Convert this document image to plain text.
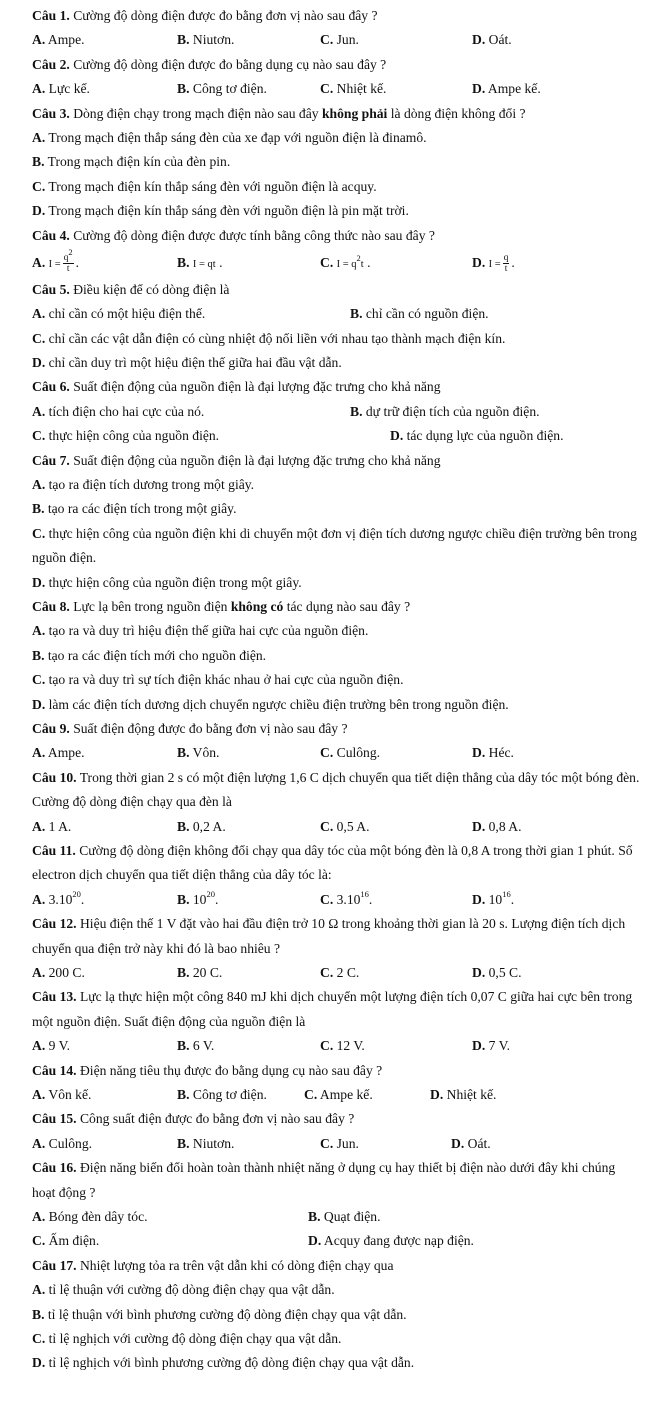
Câu 1. Cường độ dòng điện được đo bằng đơn vị nào sau đây ?
A. Ampe.	B. Niutơn.	C. Jun.	D. Oát.
Câu 2. Cường độ dòng điện được đo bằng dụng cụ nào sau đây ?
A. Lực kế.	B. Công tơ điện.	C. Nhiệt kế.	D. Ampe kế.
Câu 3. Dòng điện chạy trong mạch điện nào sau đây không phải là dòng điện không đổi ?
A. Trong mạch điện thắp sáng đèn của xe đạp với nguồn điện là đinamô.
B. Trong mạch điện kín của đèn pin.
C. Trong mạch điện kín thắp sáng đèn với nguồn điện là acquy.
D. Trong mạch điện kín thắp sáng đèn với nguồn điện là pin mặt trời.
Câu 4. Cường độ dòng điện được được tính bằng công thức nào sau đây ?
A. $I = \frac{q^2}{t}$ .	B. I = qt .	C. $I = q^2t$ .	D. $I = \frac{q}{t}$ .
Câu 5. Điều kiện để có dòng điện là
A. chỉ cần có một hiệu điện thế.	B. chỉ cần có nguồn điện.
C. chỉ cần các vật dẫn điện có cùng nhiệt độ nối liền với nhau tạo thành mạch điện kín.
D. chỉ cần duy trì một hiệu điện thế giữa hai đầu vật dẫn.
Câu 6. Suất điện động của nguồn điện là đại lượng đặc trưng cho khả năng
A. tích điện cho hai cực của nó.	B. dự trữ điện tích của nguồn điện.
C. thực hiện công của nguồn điện.	D. tác dụng lực của nguồn điện.
Câu 7. Suất điện động của nguồn điện là đại lượng đặc trưng cho khả năng
A. tạo ra điện tích dương trong một giây.
B. tạo ra các điện tích trong một giây.
C. thực hiện công của nguồn điện khi di chuyển một đơn vị điện tích dương ngược chiều điện trường bên trong nguồn điện.
D. thực hiện công của nguồn điện trong một giây.
Câu 8. Lực lạ bên trong nguồn điện không có tác dụng nào sau đây ?
A. tạo ra và duy trì hiệu điện thế giữa hai cực của nguồn điện.
B. tạo ra các điện tích mới cho nguồn điện.
C. tạo ra và duy trì sự tích điện khác nhau ở hai cực của nguồn điện.
D. làm các điện tích dương dịch chuyển ngược chiều điện trường bên trong nguồn điện.
Câu 9. Suất điện động được đo bằng đơn vị nào sau đây ?
A. Ampe.	B. Vôn.	C. Culông.	D. Héc.
Câu 10. Trong thời gian 2 s có một điện lượng 1,6 C dịch chuyển qua tiết diện thẳng của dây tóc một bóng đèn. Cường độ dòng điện chạy qua đèn là
A. 1 A.	B. 0,2 A.	C. 0,5 A.	D. 0,8 A.
Câu 11. Cường độ dòng điện không đổi chạy qua dây tóc của một bóng đèn là 0,8 A trong thời gian 1 phút. Số electron dịch chuyển qua tiết diện thẳng của dây tóc là:
A. 3.10$^{20}$.	B. $10^{20}$.	C. 3.10$^{16}$.	D. $10^{16}$.
Câu 12. Hiệu điện thế 1 V đặt vào hai đầu điện trở 10 Ω trong khoảng thời gian là 20 s. Lượng điện tích dịch chuyển qua điện trở này khi đó là bao nhiêu ?
A. 200 C.	B. 20 C.	C. 2 C.	D. 0,5 C.
Câu 13. Lực lạ thực hiện một công 840 mJ khi dịch chuyển một lượng điện tích 0,07 C giữa hai cực bên trong một nguồn điện. Suất điện động của nguồn điện là
A. 9 V.	B. 6 V.	C. 12 V.	D. 7 V.
Câu 14. Điện năng tiêu thụ được đo bằng dụng cụ nào sau đây ?
A. Vôn kế.	B. Công tơ điện.	C. Ampe kế.	D. Nhiệt kế.
Câu 15. Công suất điện được đo bằng đơn vị nào sau đây ?
A. Culông.	B. Niutơn.	C. Jun.	D. Oát.
Câu 16. Điện năng biến đổi hoàn toàn thành nhiệt năng ở dụng cụ hay thiết bị điện nào dưới đây khi chúng hoạt động ?
A. Bóng đèn dây tóc.	B. Quạt điện.
C. Ấm điện.	D. Acquy đang được nạp điện.
Câu 17. Nhiệt lượng tỏa ra trên vật dẫn khi có dòng điện chạy qua
A. tỉ lệ thuận với cường độ dòng điện chạy qua vật dẫn.
B. tỉ lệ thuận với bình phương cường độ dòng điện chạy qua vật dẫn.
C. tỉ lệ nghịch với cường độ dòng điện chạy qua vật dẫn.
D. tỉ lệ nghịch với bình phương cường độ dòng điện chạy qua vật dẫn.
